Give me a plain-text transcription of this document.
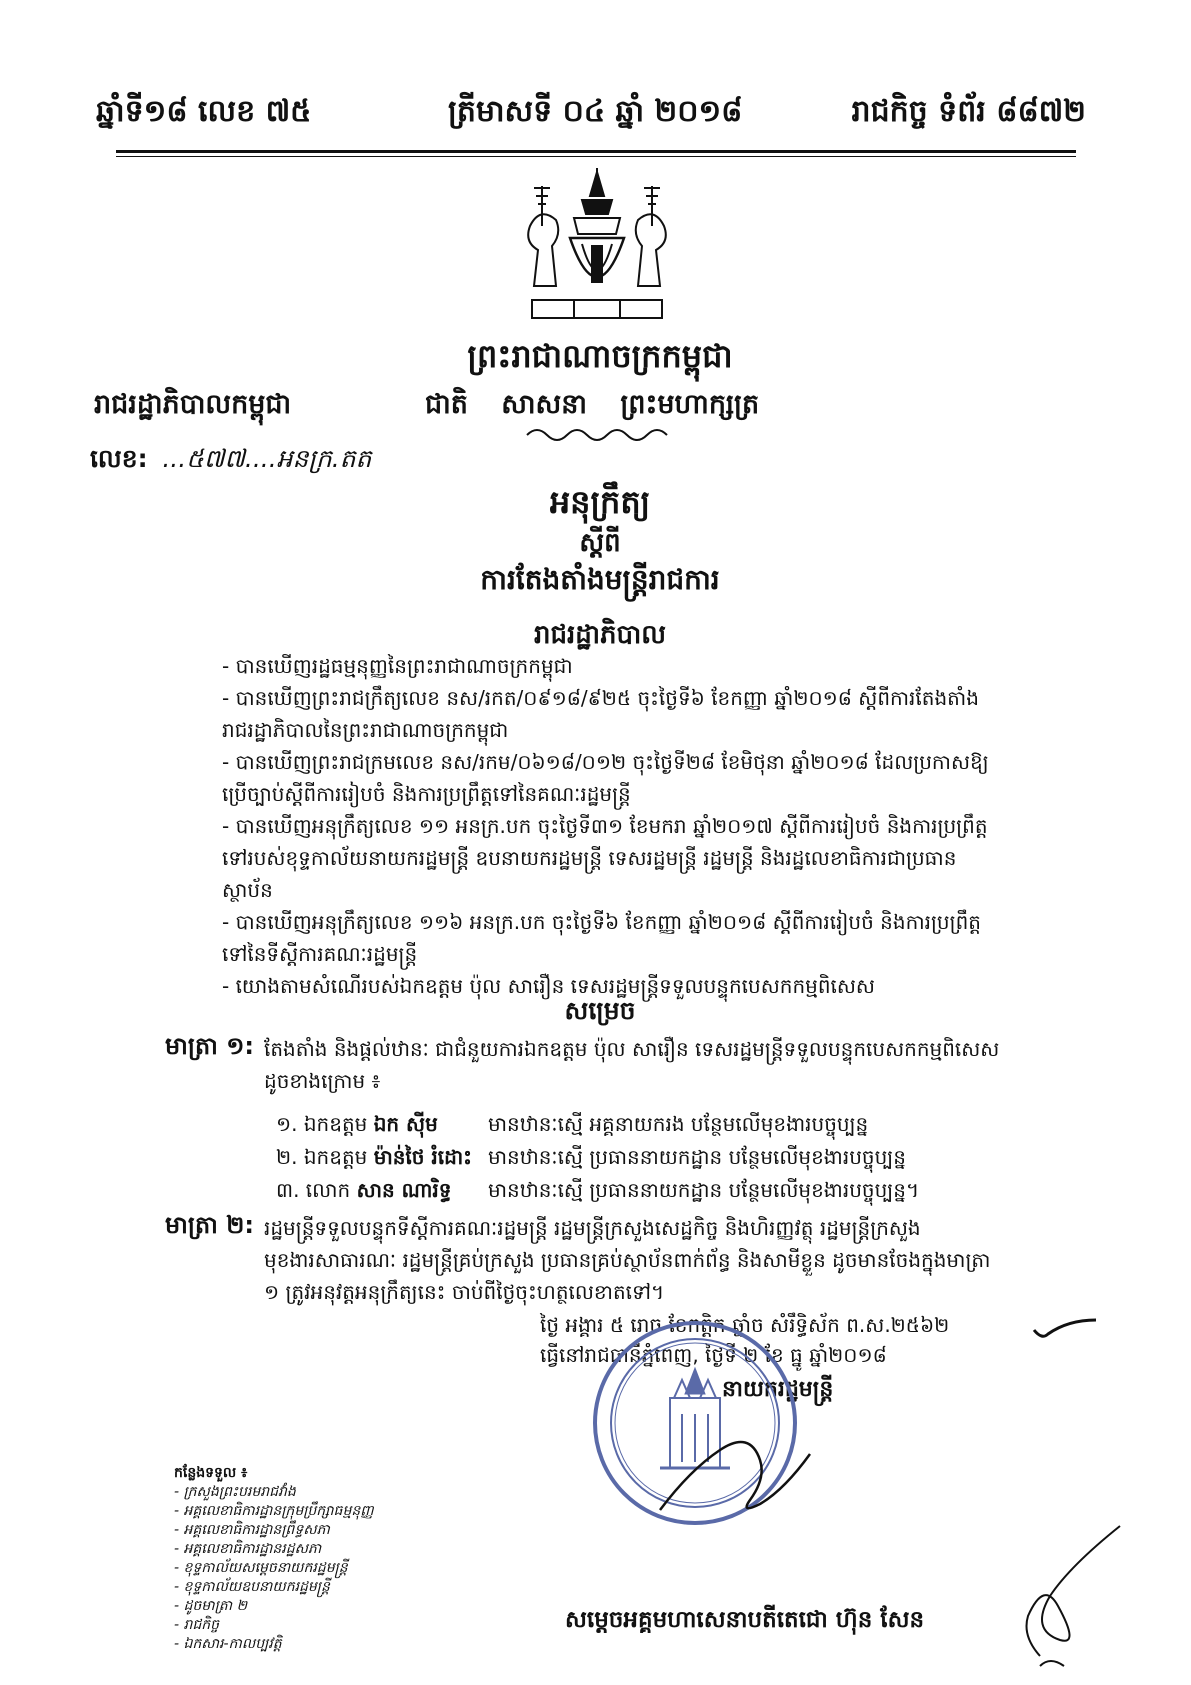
ឆ្នាំទី១៨ លេខ ៧៥	ត្រីមាសទី ០៤ ឆ្នាំ ២០១៨	រាជកិច្ច ទំព័រ ៨៨៧២
ព្រះរាជាណាចក្រកម្ពុជា
រាជរដ្ឋាភិបាលកម្ពុជា	ជាតិ សាសនា ព្រះមហាក្សត្រ
លេខ: ...៥៧៧....អនក្រ.តត
អនុក្រឹត្យ
ស្តីពី
ការតែងតាំងមន្ត្រីរាជការ
រាជរដ្ឋាភិបាល

- បានឃើញរដ្ឋធម្មនុញ្ញនៃព្រះរាជាណាចក្រកម្ពុជា

- បានឃើញព្រះរាជក្រឹត្យលេខ នស/រកត/០៩១៨/៩២៥ ចុះថ្ងៃទី៦ ខែកញ្ញា ឆ្នាំ២០១៨ ស្តីពីការតែងតាំងរាជរដ្ឋាភិបាលនៃព្រះរាជាណាចក្រកម្ពុជា

- បានឃើញព្រះរាជក្រមលេខ នស/រកម/០៦១៨/០១២ ចុះថ្ងៃទី២៨ ខែមិថុនា ឆ្នាំ២០១៨ ដែលប្រកាសឱ្យប្រើច្បាប់ស្តីពីការរៀបចំ និងការប្រព្រឹត្តទៅនៃគណៈរដ្ឋមន្ត្រី

- បានឃើញអនុក្រឹត្យលេខ ១១ អនក្រ.បក ចុះថ្ងៃទី៣១ ខែមករា ឆ្នាំ២០១៧ ស្តីពីការរៀបចំ និងការប្រព្រឹត្តទៅរបស់ខុទ្ទកាល័យនាយករដ្ឋមន្ត្រី ឧបនាយករដ្ឋមន្ត្រី ទេសរដ្ឋមន្ត្រី រដ្ឋមន្ត្រី និងរដ្ឋលេខាធិការជាប្រធានស្ថាប័ន

- បានឃើញអនុក្រឹត្យលេខ ១១៦ អនក្រ.បក ចុះថ្ងៃទី៦ ខែកញ្ញា ឆ្នាំ២០១៨ ស្តីពីការរៀបចំ និងការប្រព្រឹត្តទៅនៃទីស្តីការគណៈរដ្ឋមន្ត្រី

- យោងតាមសំណើរបស់ឯកឧត្តម ប៉ុល សារឿន ទេសរដ្ឋមន្ត្រីទទួលបន្ទុកបេសកកម្មពិសេស

សម្រេច
មាត្រា ១: តែងតាំង និងផ្តល់ឋានៈ ជាជំនួយការឯកឧត្តម ប៉ុល សារឿន ទេសរដ្ឋមន្ត្រីទទួលបន្ទុកបេសកកម្មពិសេស ដូចខាងក្រោម ៖
១. ឯកឧត្តម ឯក ស៊ីម	មានឋានៈស្មើ អគ្គនាយករង បន្ថែមលើមុខងារបច្ចុប្បន្ន
២. ឯកឧត្តម ម៉ាន់ថៃ រំដោះ មានឋានៈស្មើ ប្រធាននាយកដ្ឋាន បន្ថែមលើមុខងារបច្ចុប្បន្ន
៣. លោក សាន ណារិទ្ធ មានឋានៈស្មើ ប្រធាននាយកដ្ឋាន បន្ថែមលើមុខងារបច្ចុប្បន្ន។
មាត្រា ២: រដ្ឋមន្ត្រីទទួលបន្ទុកទីស្តីការគណៈរដ្ឋមន្ត្រី រដ្ឋមន្ត្រីក្រសួងសេដ្ឋកិច្ច និងហិរញ្ញវត្ថុ រដ្ឋមន្ត្រីក្រសួងមុខងារសាធារណៈ រដ្ឋមន្ត្រីគ្រប់ក្រសួង ប្រធានគ្រប់ស្ថាប័នពាក់ព័ន្ធ និងសាមីខ្លួន ដូចមានចែងក្នុងមាត្រា ១ ត្រូវអនុវត្តអនុក្រឹត្យនេះ ចាប់ពីថ្ងៃចុះហត្ថលេខាតទៅ។
ថ្ងៃ អង្គារ ៥ រោច ខែកត្តិក ឆ្នាំច សំរឹទ្ធិស័ក ព.ស.២៥៦២
ធ្វើនៅរាជធានីភ្នំពេញ, ថ្ងៃទី ២ ខែ ធ្នូ ឆ្នាំ២០១៨
នាយករដ្ឋមន្ត្រី
កន្លែងទទួល ៖
- ក្រសួងព្រះបរមរាជវាំង
- អគ្គលេខាធិការដ្ឋានក្រុមប្រឹក្សាធម្មនុញ្ញ
- អគ្គលេខាធិការដ្ឋានព្រឹទ្ធសភា
- អគ្គលេខាធិការដ្ឋានរដ្ឋសភា
- ខុទ្ទកាល័យសម្តេចនាយករដ្ឋមន្ត្រី
- ខុទ្ទកាល័យឧបនាយករដ្ឋមន្ត្រី
- ដូចមាត្រា ២
- រាជកិច្ច
- ឯកសារ-កាលប្បវត្តិ
សម្តេចអគ្គមហាសេនាបតីតេជោ ហ៊ុន សែន
